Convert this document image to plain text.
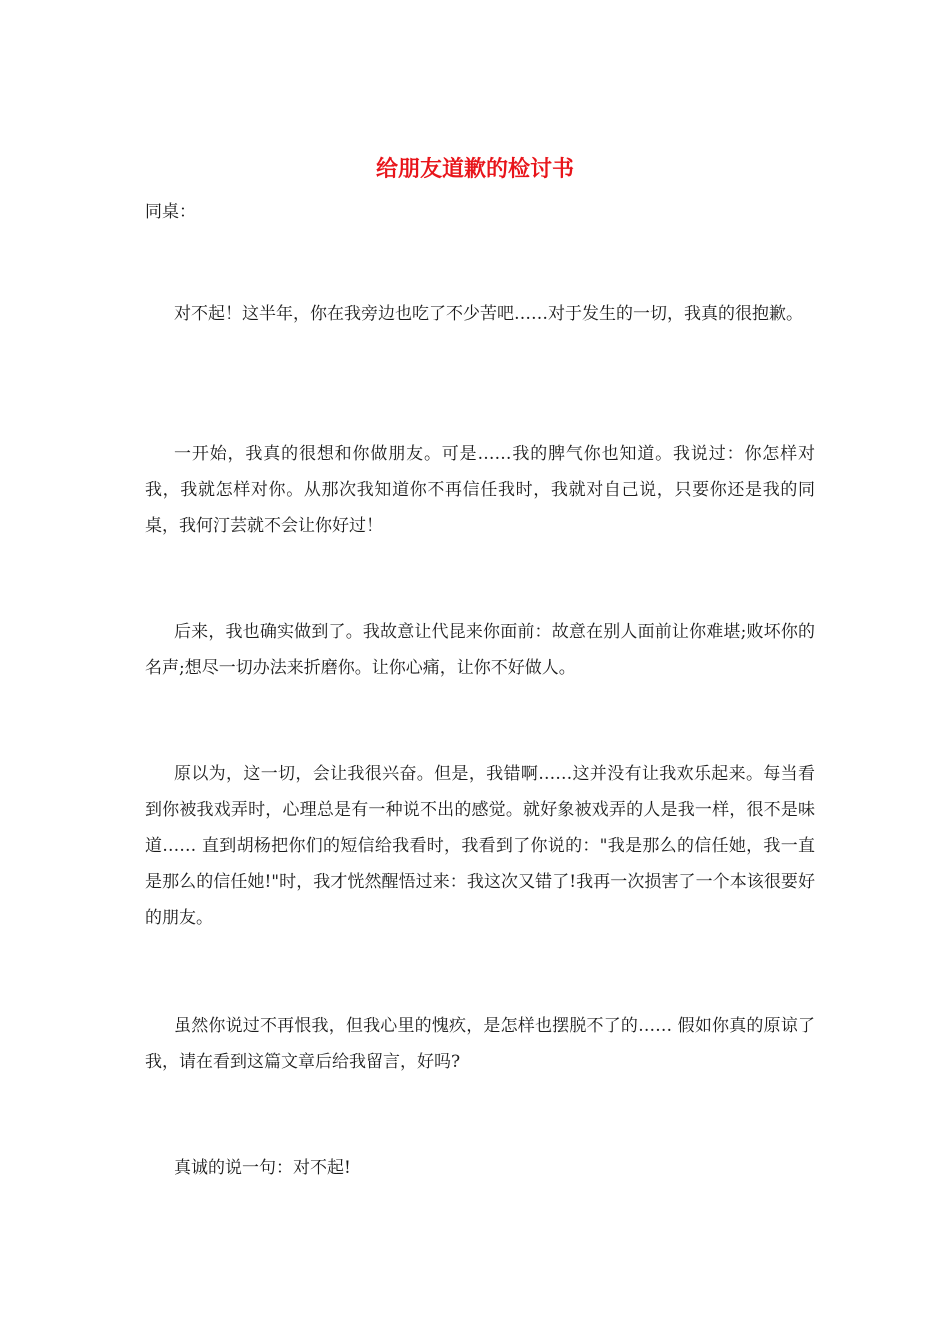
给朋友道歉的检讨书
同桌：

对不起！这半年，你在我旁边也吃了不少苦吧……对于发生的一切，我真的很抱歉。

一开始，我真的很想和你做朋友。可是……我的脾气你也知道。我说过：你怎样对我，我就怎样对你。从那次我知道你不再信任我时，我就对自己说，只要你还是我的同桌，我何汀芸就不会让你好过！

后来，我也确实做到了。我故意让代昆来你面前：故意在别人面前让你难堪;败坏你的名声;想尽一切办法来折磨你。让你心痛，让你不好做人。

原以为，这一切，会让我很兴奋。但是，我错啊……这并没有让我欢乐起来。每当看到你被我戏弄时，心理总是有一种说不出的感觉。就好象被戏弄的人是我一样，很不是味道…… 直到胡杨把你们的短信给我看时，我看到了你说的："我是那么的信任她，我一直是那么的信任她!"时，我才恍然醒悟过来：我这次又错了!我再一次损害了一个本该很要好的朋友。

虽然你说过不再恨我，但我心里的愧疚，是怎样也摆脱不了的…… 假如你真的原谅了我，请在看到这篇文章后给我留言，好吗?

真诚的说一句：对不起!
